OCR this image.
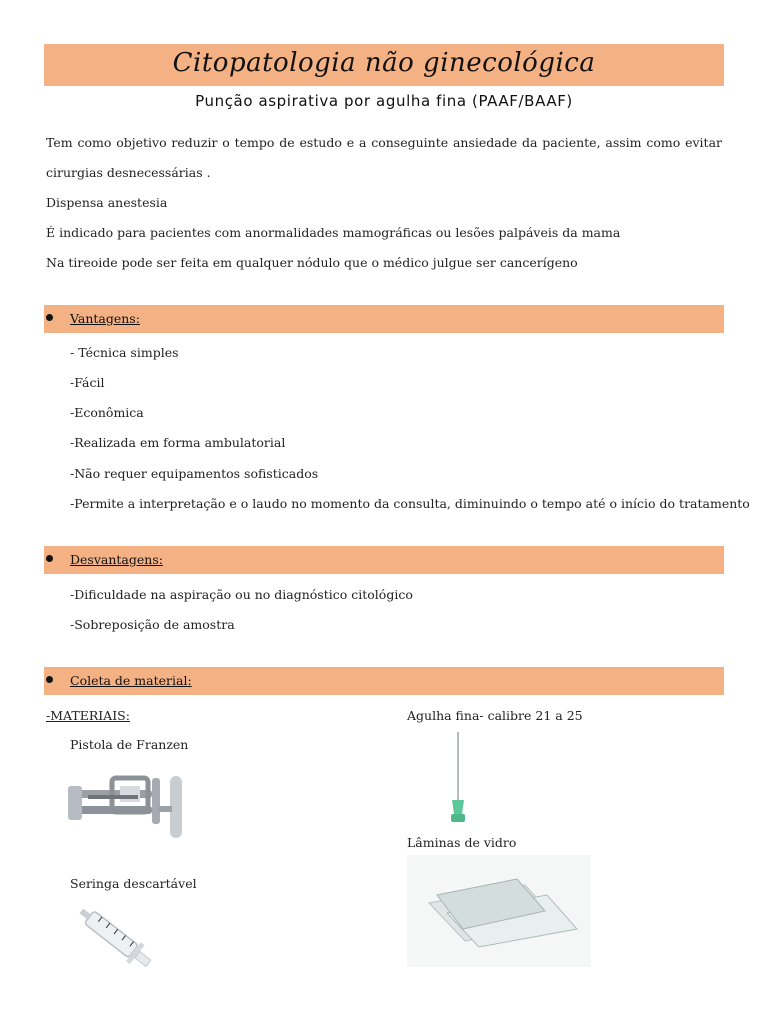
Citopatologia não ginecológica
Punção aspirativa por agulha fina (PAAF/BAAF)
Tem como objetivo reduzir o tempo de estudo e a conseguinte ansiedade da paciente, assim como evitar cirurgias desnecessárias .
Dispensa anestesia
É indicado para pacientes com anormalidades mamográficas ou lesões palpáveis da mama
Na tireoide pode ser feita em qualquer nódulo que o médico julgue ser cancerígeno
Vantagens:
- Técnica simples
-Fácil
-Econômica
-Realizada em forma ambulatorial
-Não requer equipamentos sofisticados
-Permite a interpretação e o laudo no momento da consulta, diminuindo o tempo até o início do tratamento
Desvantagens:
-Dificuldade na aspiração ou no diagnóstico citológico
-Sobreposição de amostra
Coleta de material:
-MATERIAIS:
Pistola de Franzen
Agulha fina- calibre 21 a 25
Lâminas de vidro
Seringa descartável
